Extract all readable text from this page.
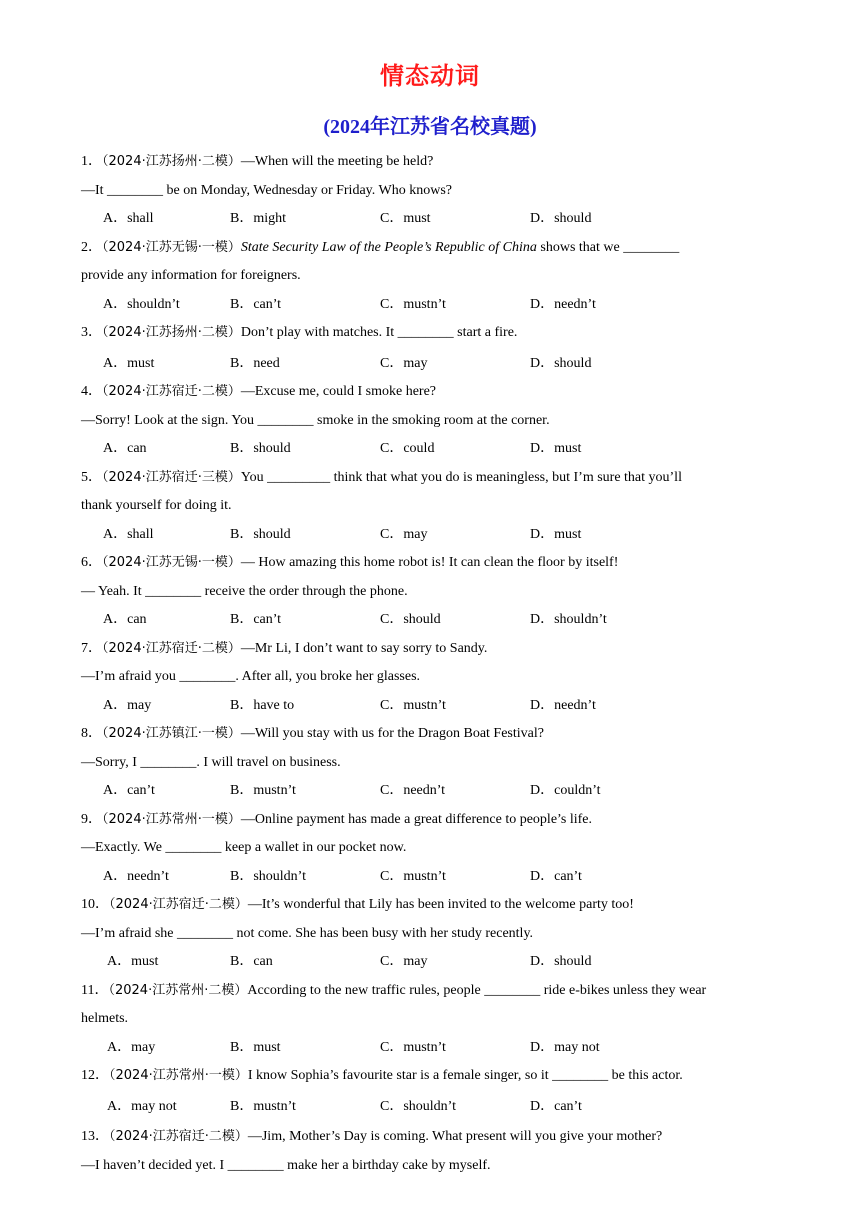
情态动词
(2024年江苏省名校真题)
1．（2024·江苏扬州·二模）—When will the meeting be held?
—It ________ be on Monday, Wednesday or Friday. Who knows?
A．shall	B．might	C．must	D．should
2．（2024·江苏无锡·一模）State Security Law of the People’s Republic of China shows that we ________
provide any information for foreigners.
A．shouldn’t	B．can’t	C．mustn’t	D．needn’t
3．（2024·江苏扬州·二模）Don’t play with matches. It ________ start a fire.
A．must	B．need	C．may	D．should
4．（2024·江苏宿迁·二模）—Excuse me, could I smoke here?
—Sorry! Look at the sign. You ________ smoke in the smoking room at the corner.
A．can	B．should	C．could	D．must
5．（2024·江苏宿迁·三模）You _________ think that what you do is meaningless, but I’m sure that you’ll
thank yourself for doing it.
A．shall	B．should	C．may	D．must
6．（2024·江苏无锡·一模）— How amazing this home robot is! It can clean the floor by itself!
— Yeah. It ________ receive the order through the phone.
A．can	B．can’t	C．should	D．shouldn’t
7．（2024·江苏宿迁·二模）—Mr Li, I don’t want to say sorry to Sandy.
—I’m afraid you ________. After all, you broke her glasses.
A．may	B．have to	C．mustn’t	D．needn’t
8．（2024·江苏镇江·一模）—Will you stay with us for the Dragon Boat Festival?
—Sorry, I ________. I will travel on business.
A．can’t	B．mustn’t	C．needn’t	D．couldn’t
9．（2024·江苏常州·一模）—Online payment has made a great difference to people’s life.
—Exactly. We ________ keep a wallet in our pocket now.
A．needn’t	B．shouldn’t	C．mustn’t	D．can’t
10．（2024·江苏宿迁·二模）—It’s wonderful that Lily has been invited to the welcome party too!
—I’m afraid she ________ not come. She has been busy with her study recently.
A．must	B．can	C．may	D．should
11．（2024·江苏常州·二模）According to the new traffic rules, people ________ ride e-bikes unless they wear
helmets.
A．may	B．must	C．mustn’t	D．may not
12．（2024·江苏常州·一模）I know Sophia’s favourite star is a female singer, so it ________ be this actor.
A．may not	B．mustn’t	C．shouldn’t	D．can’t
13．（2024·江苏宿迁·二模）—Jim, Mother’s Day is coming. What present will you give your mother?
—I haven’t decided yet. I ________ make her a birthday cake by myself.
